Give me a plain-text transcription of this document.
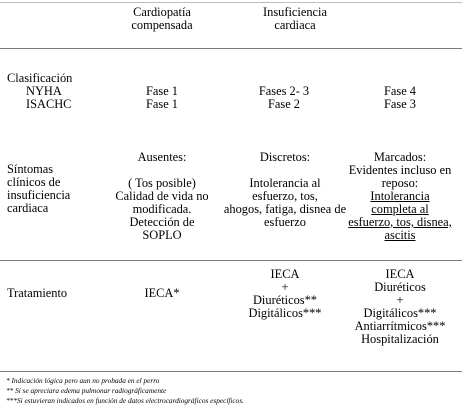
Cardiopatía
compensada
Insuficiencia
cardiaca
Clasificación
NYHA
ISACHC
Fase 1
Fase 1
Fases 2- 3
Fase 2
Fase 4
Fase 3
Síntomas
clínicos de
insuficiencia
cardiaca
Ausentes:
( Tos posible)
Calidad de vida no
modificada.
Detección de
SOPLO
Discretos:
Intolerancia al
esfuerzo, tos,
ahogos, fatiga, disnea de
esfuerzo
Marcados:
Evidentes incluso en
reposo:
Intolerancia
completa al
esfuerzo, tos, disnea,
ascitis
Tratamiento	IECA*
IECA
+
Diuréticos**
Digitálicos***
IECA
Diuréticos
+
Digitálicos***
Antiarrítmicos***
Hospitalización
* Indicación lógica pero aun no probada en el perro
** Si se apreciara edema pulmonar radiográficamente
***Si estuvieran indicados en función de datos electrocardiográficos específicos.
